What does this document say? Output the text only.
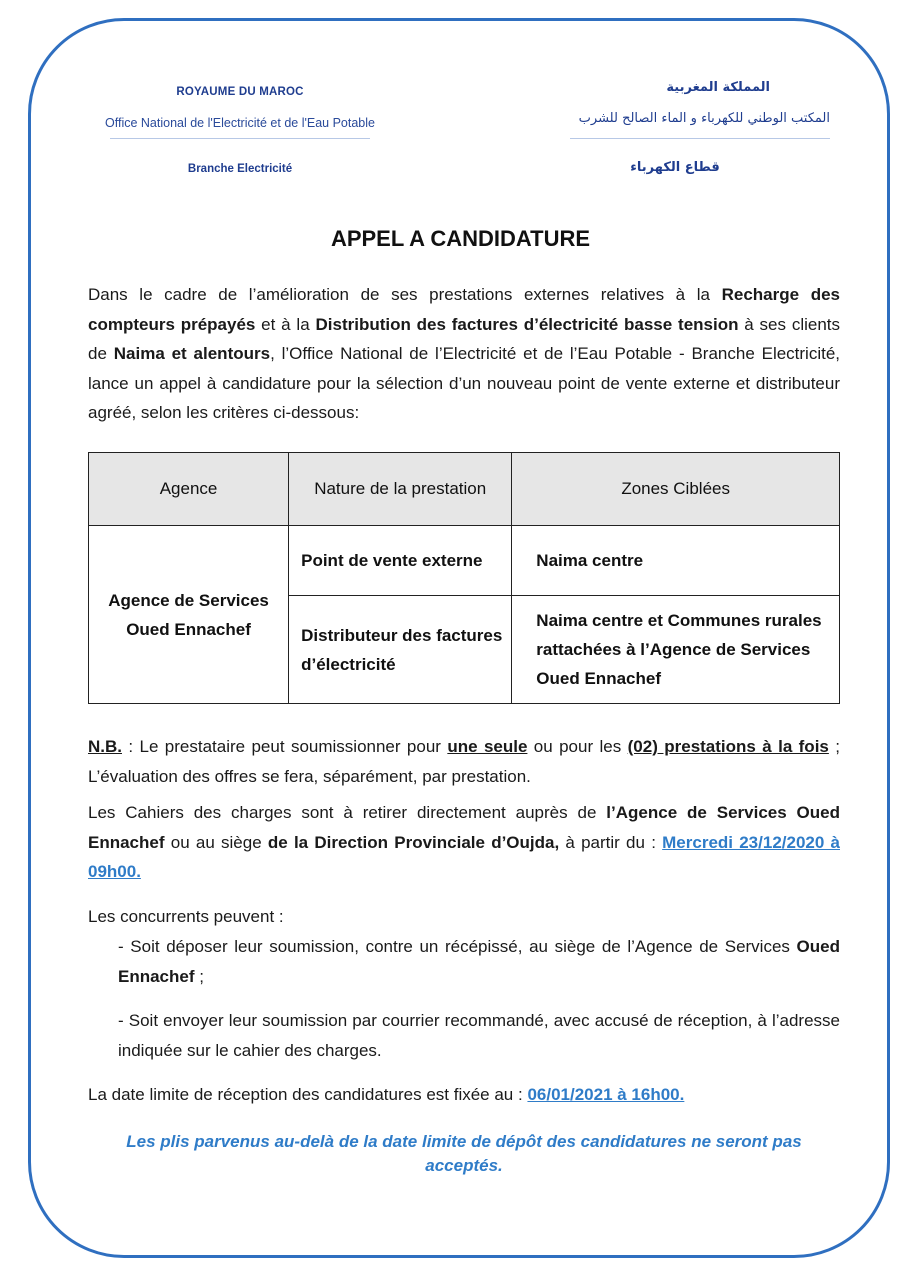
ROYAUME DU MAROC
Office National de l'Electricité et de l'Eau Potable
Branche Electricité
المملكة المغربية
المكتب الوطني للكهرباء و الماء الصالح للشرب
قطاع الكهرباء
APPEL A CANDIDATURE
Dans le cadre de l’amélioration de ses prestations externes relatives à la Recharge des compteurs prépayés et à la Distribution des factures d’électricité basse tension à ses clients de Naima et alentours, l’Office National de l’Electricité et de l’Eau Potable - Branche Electricité, lance un appel à candidature pour la sélection d’un nouveau point de vente externe et distributeur agréé, selon les critères ci-dessous:
Agence	Nature de la prestation	Zones Ciblées
Agence de Services Oued Ennachef	Point de vente externe	Naima centre
	Distributeur des factures d’électricité	Naima centre et Communes rurales rattachées à l’Agence de Services Oued Ennachef
N.B. : Le prestataire peut soumissionner pour une seule ou pour les (02) prestations à la fois ; L’évaluation des offres se fera, séparément, par prestation.
Les Cahiers des charges sont à retirer directement auprès de l’Agence de Services Oued Ennachef ou au siège de la Direction Provinciale d’Oujda, à partir du : Mercredi 23/12/2020 à 09h00.
Les concurrents peuvent :
- Soit déposer leur soumission, contre un récépissé, au siège de l’Agence de Services Oued Ennachef ;
- Soit envoyer leur soumission par courrier recommandé, avec accusé de réception, à l’adresse indiquée sur le cahier des charges.
La date limite de réception des candidatures est fixée au : 06/01/2021 à 16h00.
Les plis parvenus au-delà de la date limite de dépôt des candidatures ne seront pas acceptés.
